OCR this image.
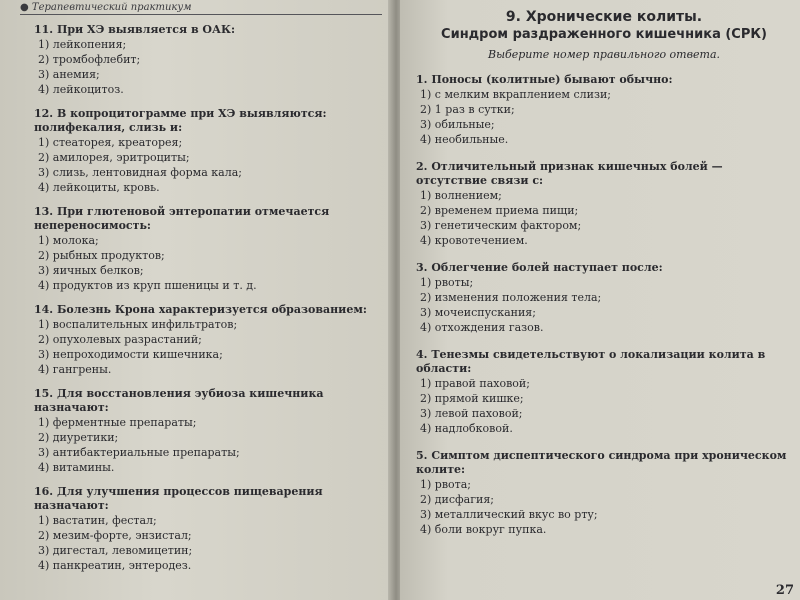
● Терапевтический практикум
11. При ХЭ выявляется в ОАК:
1) лейкопения;
2) тромбофлебит;
3) анемия;
4) лейкоцитоз.
12. В копроцитограмме при ХЭ выявляются: полифекалия, слизь и:
1) стеаторея, креаторея;
2) амилорея, эритроциты;
3) слизь, лентовидная форма кала;
4) лейкоциты, кровь.
13. При глютеновой энтеропатии отмечается непереносимость:
1) молока;
2) рыбных продуктов;
3) яичных белков;
4) продуктов из круп пшеницы и т. д.
14. Болезнь Крона характеризуется образованием:
1) воспалительных инфильтратов;
2) опухолевых разрастаний;
3) непроходимости кишечника;
4) гангрены.
15. Для восстановления эубиоза кишечника назначают:
1) ферментные препараты;
2) диуретики;
3) антибактериальные препараты;
4) витамины.
16. Для улучшения процессов пищеварения назначают:
1) вастатин, фестал;
2) мезим-форте, энзистал;
3) дигестал, левомицетин;
4) панкреатин, энтеродез.
9. Хронические колиты.
Синдром раздраженного кишечника (СРК)
Выберите номер правильного ответа.
1. Поносы (колитные) бывают обычно:
1) с мелким вкраплением слизи;
2) 1 раз в сутки;
3) обильные;
4) необильные.
2. Отличительный признак кишечных болей — отсутствие связи с:
1) волнением;
2) временем приема пищи;
3) генетическим фактором;
4) кровотечением.
3. Облегчение болей наступает после:
1) рвоты;
2) изменения положения тела;
3) мочеиспускания;
4) отхождения газов.
4. Тенезмы свидетельствуют о локализации колита в области:
1) правой паховой;
2) прямой кишке;
3) левой паховой;
4) надлобковой.
5. Симптом диспептического синдрома при хроническом колите:
1) рвота;
2) дисфагия;
3) металлический вкус во рту;
4) боли вокруг пупка.
27
